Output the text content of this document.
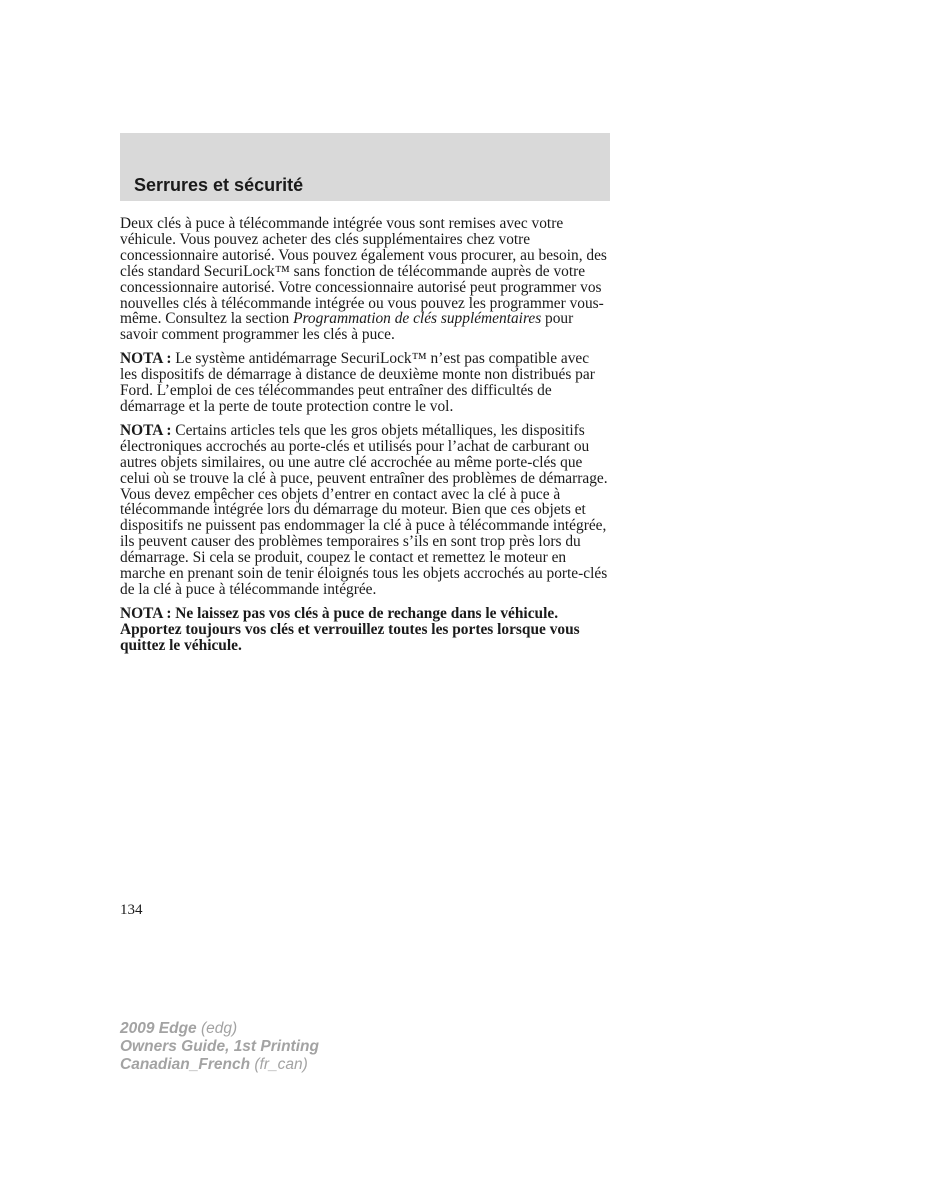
Serrures et sécurité

Deux clés à puce à télécommande intégrée vous sont remises avec votre véhicule. Vous pouvez acheter des clés supplémentaires chez votre concessionnaire autorisé. Vous pouvez également vous procurer, au besoin, des clés standard SecuriLock™ sans fonction de télécommande auprès de votre concessionnaire autorisé. Votre concessionnaire autorisé peut programmer vos nouvelles clés à télécommande intégrée ou vous pouvez les programmer vous-même. Consultez la section Programmation de clés supplémentaires pour savoir comment programmer les clés à puce.

NOTA : Le système antidémarrage SecuriLock™ n’est pas compatible avec les dispositifs de démarrage à distance de deuxième monte non distribués par Ford. L’emploi de ces télécommandes peut entraîner des difficultés de démarrage et la perte de toute protection contre le vol.

NOTA : Certains articles tels que les gros objets métalliques, les dispositifs électroniques accrochés au porte-clés et utilisés pour l’achat de carburant ou autres objets similaires, ou une autre clé accrochée au même porte-clés que celui où se trouve la clé à puce, peuvent entraîner des problèmes de démarrage. Vous devez empêcher ces objets d’entrer en contact avec la clé à puce à télécommande intégrée lors du démarrage du moteur. Bien que ces objets et dispositifs ne puissent pas endommager la clé à puce à télécommande intégrée, ils peuvent causer des problèmes temporaires s’ils en sont trop près lors du démarrage. Si cela se produit, coupez le contact et remettez le moteur en marche en prenant soin de tenir éloignés tous les objets accrochés au porte-clés de la clé à puce à télécommande intégrée.

NOTA : Ne laissez pas vos clés à puce de rechange dans le véhicule. Apportez toujours vos clés et verrouillez toutes les portes lorsque vous quittez le véhicule.

134

2009 Edge (edg)
Owners Guide, 1st Printing
Canadian_French (fr_can)
